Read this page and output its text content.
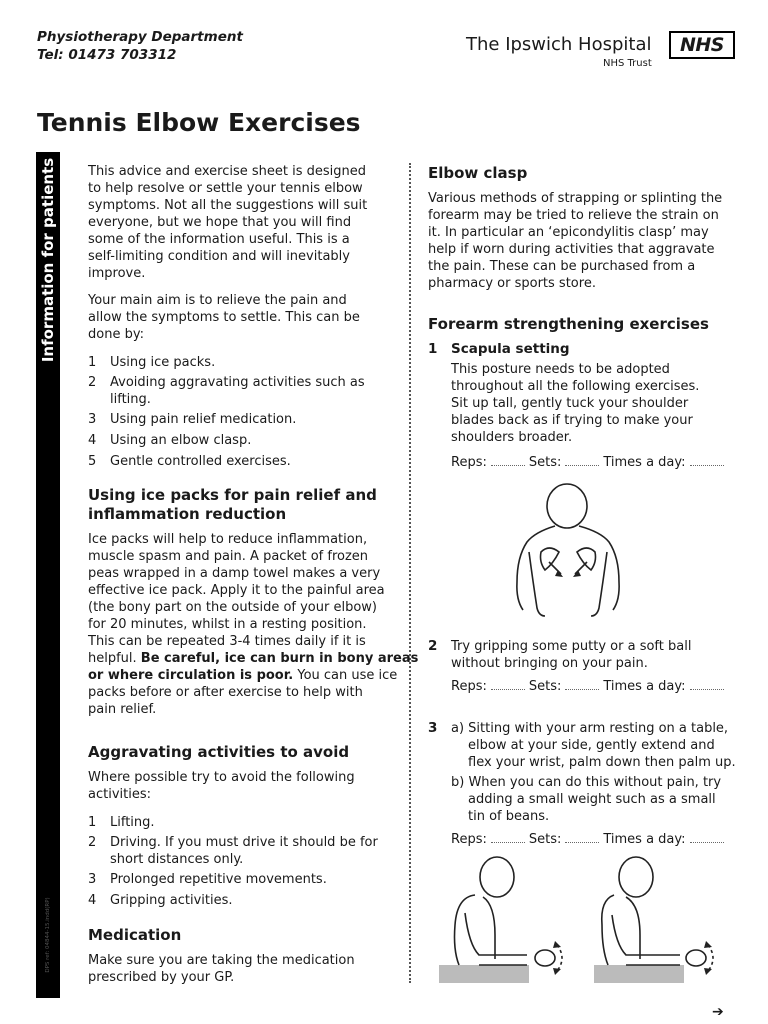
Physiotherapy Department
Tel: 01473 703312	The Ipswich Hospital	NHS
NHS Trust
Tennis Elbow Exercises
Information for patients
DPS ref: 04844-15.indd(RP)

This advice and exercise sheet is designed

to help resolve or settle your tennis elbow

symptoms. Not all the suggestions will suit

everyone, but we hope that you will find

some of the information useful. This is a

self-limiting condition and will inevitably

improve.

Your main aim is to relieve the pain and

allow the symptoms to settle. This can be

done by:

1 Using ice packs.
2 Avoiding aggravating activities such as
lifting.
3 Using pain relief medication.
4 Using an elbow clasp.
5 Gentle controlled exercises.
Using ice packs for pain relief and
inflammation reduction

Ice packs will help to reduce inflammation,

muscle spasm and pain. A packet of frozen

peas wrapped in a damp towel makes a very

effective ice pack. Apply it to the painful area

(the bony part on the outside of your elbow)

for 20 minutes, whilst in a resting position.

This can be repeated 3-4 times daily if it is

helpful. Be careful, ice can burn in bony areas

or where circulation is poor. You can use ice

packs before or after exercise to help with

pain relief.

Aggravating activities to avoid

Where possible try to avoid the following

activities:

1 Lifting.
2 Driving. If you must drive it should be for
short distances only.
3 Prolonged repetitive movements.
4 Gripping activities.
Medication

Make sure you are taking the medication

prescribed by your GP.

Elbow clasp

Various methods of strapping or splinting the

forearm may be tried to relieve the strain on

it. In particular an ‘epicondylitis clasp’ may

help if worn during activities that aggravate

the pain. These can be purchased from a

pharmacy or sports store.

Forearm strengthening exercises
1 Scapula setting

This posture needs to be adopted

throughout all the following exercises.

Sit up tall, gently tuck your shoulder

blades back as if trying to make your

shoulders broader.

Reps:	Sets:	Times a day:
2 Try gripping some putty or a soft ball

without bringing on your pain.

Reps:	Sets:	Times a day:
3 a) Sitting with your arm resting on a table,

elbow at your side, gently extend and

flex your wrist, palm down then palm up.

b) When you can do this without pain, try

adding a small weight such as a small

tin of beans.

Reps:	Sets:	Times a day:
➔
